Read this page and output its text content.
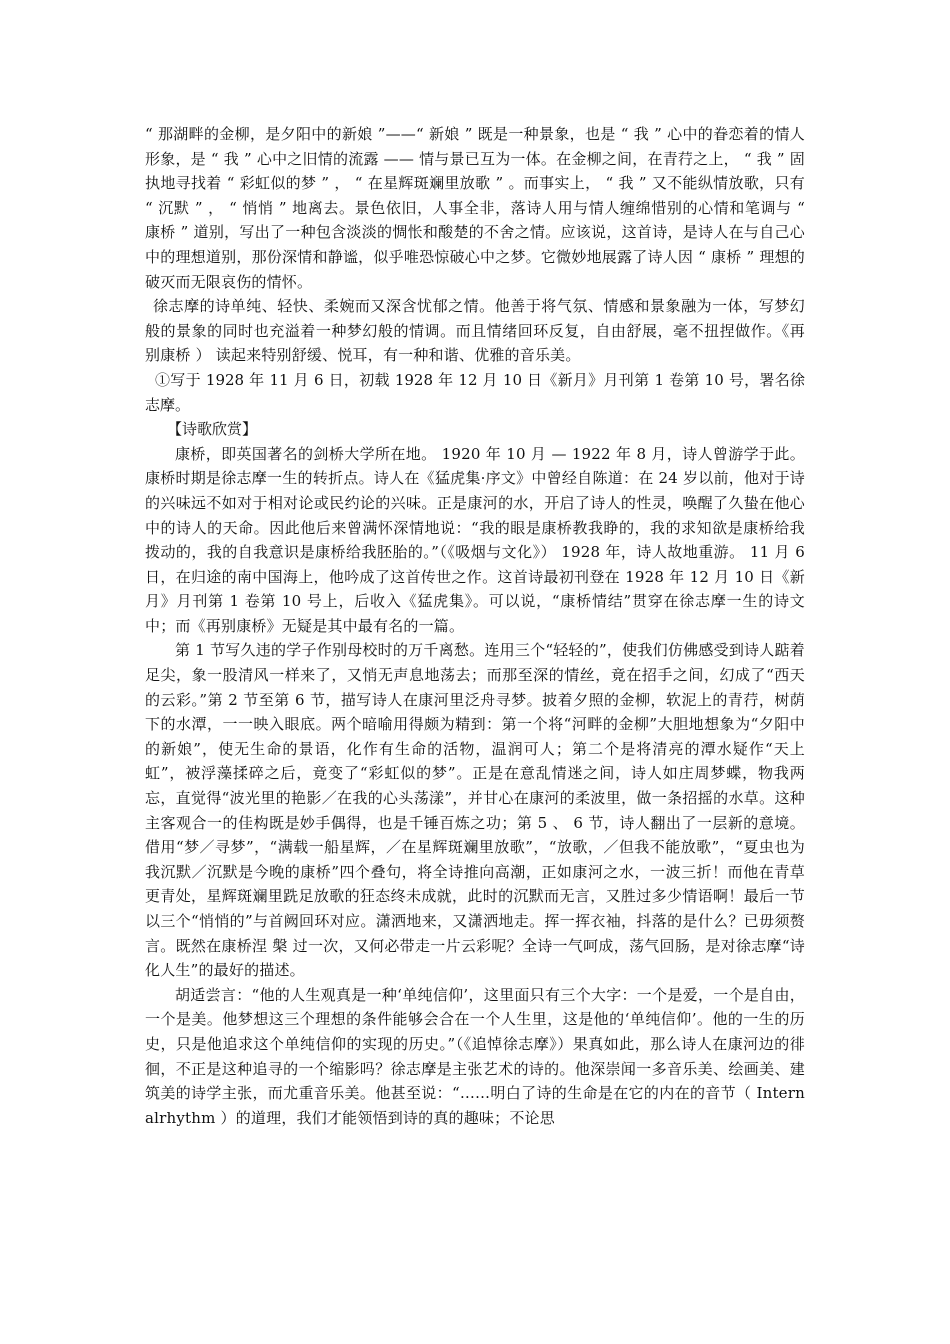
“ 那湖畔的金柳，是夕阳中的新娘 ”——“ 新娘 ” 既是一种景象，也是 “ 我 ” 心中的眷恋着的情人形象，是 “ 我 ” 心中之旧情的流露 —— 情与景已互为一体。在金柳之间，在青荇之上， “ 我 ” 固执地寻找着 “ 彩虹似的梦 ” ， “ 在星辉斑斓里放歌 ” 。而事实上， “ 我 ” 又不能纵情放歌，只有 “ 沉默 ” ， “ 悄悄 ” 地离去。景色依旧，人事全非，落诗人用与情人缠绵惜别的心情和笔调与 “ 康桥 ” 道别，写出了一种包含淡淡的惆怅和酸楚的不舍之情。应该说，这首诗，是诗人在与自己心中的理想道别，那份深情和静谧，似乎唯恐惊破心中之梦。它微妙地展露了诗人因 “ 康桥 ” 理想的破灭而无限哀伤的情怀。

徐志摩的诗单纯、轻快、柔婉而又深含忧郁之情。他善于将气氛、情感和景象融为一体，写梦幻般的景象的同时也充溢着一种梦幻般的情调。而且情绪回环反复，自由舒展，毫不扭捏做作。《再别康桥 ） 读起来特别舒缓、悦耳，有一种和谐、优雅的音乐美。

①写于 1928 年 11 月 6 日，初载 1928 年 12 月 10 日《新月》月刊第 1 卷第 10 号，署名徐志摩。

【诗歌欣赏】

康桥，即英国著名的剑桥大学所在地。 1920 年 10 月 — 1922 年 8 月，诗人曾游学于此。康桥时期是徐志摩一生的转折点。诗人在《猛虎集·序文》中曾经自陈道：在 24 岁以前，他对于诗的兴味远不如对于相对论或民约论的兴味。正是康河的水，开启了诗人的性灵，唤醒了久蛰在他心中的诗人的天命。因此他后来曾满怀深情地说：“我的眼是康桥教我睁的，我的求知欲是康桥给我拨动的，我的自我意识是康桥给我胚胎的。”（《吸烟与文化》） 1928 年，诗人故地重游。 11 月 6 日，在归途的南中国海上，他吟成了这首传世之作。这首诗最初刊登在 1928 年 12 月 10 日《新月》月刊第 1 卷第 10 号上，后收入《猛虎集》。可以说，“康桥情结”贯穿在徐志摩一生的诗文中；而《再别康桥》无疑是其中最有名的一篇。

第 1 节写久违的学子作别母校时的万千离愁。连用三个“轻轻的”，使我们仿佛感受到诗人踮着足尖，象一股清风一样来了，又悄无声息地荡去；而那至深的情丝，竟在招手之间，幻成了“西天的云彩。”第 2 节至第 6 节，描写诗人在康河里泛舟寻梦。披着夕照的金柳，软泥上的青荇，树荫下的水潭，一一映入眼底。两个暗喻用得颇为精到：第一个将“河畔的金柳”大胆地想象为“夕阳中的新娘”，使无生命的景语，化作有生命的活物，温润可人；第二个是将清亮的潭水疑作“天上虹”，被浮藻揉碎之后，竟变了“彩虹似的梦”。正是在意乱情迷之间，诗人如庄周梦蝶，物我两忘，直觉得“波光里的艳影／在我的心头荡漾”，并甘心在康河的柔波里，做一条招摇的水草。这种主客观合一的佳构既是妙手偶得，也是千锤百炼之功；第 5 、 6 节，诗人翻出了一层新的意境。借用“梦／寻梦”，“满载一船星辉，／在星辉斑斓里放歌”，“放歌，／但我不能放歌”，“夏虫也为我沉默／沉默是今晚的康桥”四个叠句，将全诗推向高潮，正如康河之水，一波三折！而他在青草更青处，星辉斑斓里跣足放歌的狂态终未成就，此时的沉默而无言，又胜过多少情语啊！最后一节以三个“悄悄的”与首阙回环对应。潇洒地来，又潇洒地走。挥一挥衣袖，抖落的是什么？已毋须赘言。既然在康桥涅 槃 过一次，又何必带走一片云彩呢？全诗一气呵成，荡气回肠，是对徐志摩“诗化人生”的最好的描述。

胡适尝言：“他的人生观真是一种‘单纯信仰’，这里面只有三个大字：一个是爱，一个是自由，一个是美。他梦想这三个理想的条件能够会合在一个人生里，这是他的‘单纯信仰’。他的一生的历史，只是他追求这个单纯信仰的实现的历史。”（《追悼徐志摩》）果真如此，那么诗人在康河边的徘徊，不正是这种追寻的一个缩影吗？徐志摩是主张艺术的诗的。他深崇闻一多音乐美、绘画美、建筑美的诗学主张，而尤重音乐美。他甚至说：“……明白了诗的生命是在它的内在的音节（ Internalrhythm ）的道理，我们才能领悟到诗的真的趣味；不论思
